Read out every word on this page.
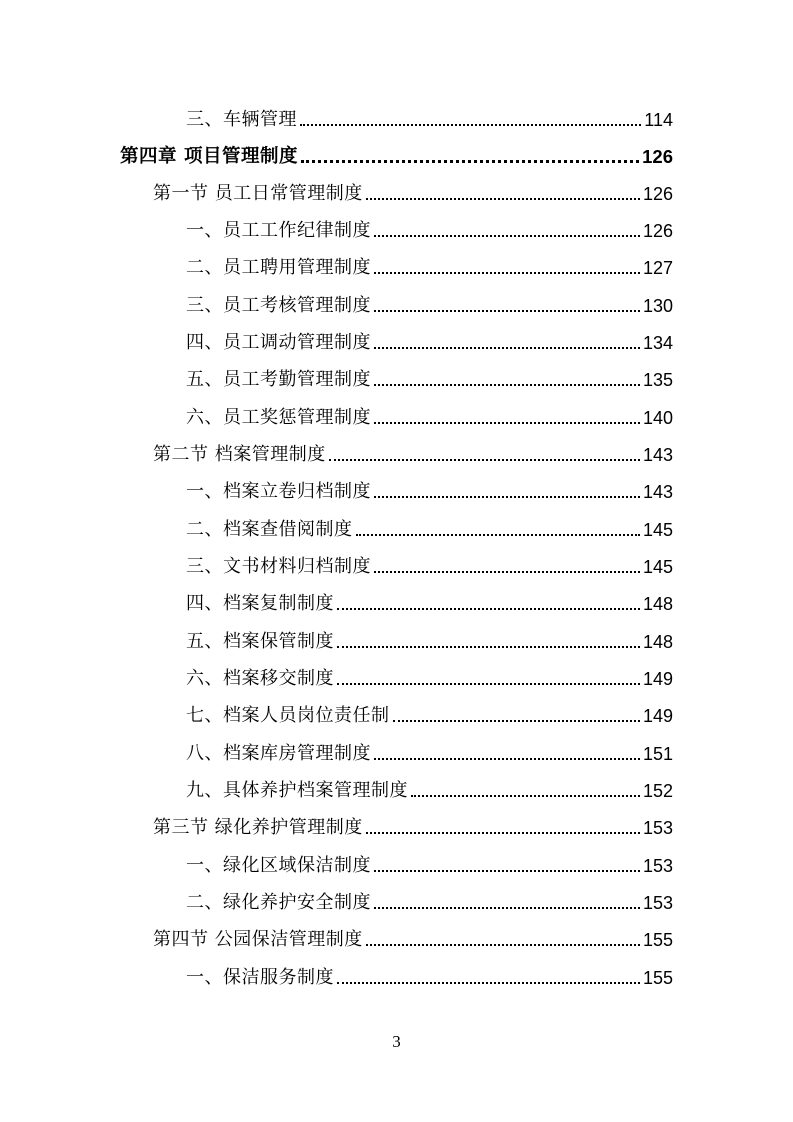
三、车辆管理	114
第四章 项目管理制度	126
第一节 员工日常管理制度	126
一、员工工作纪律制度	126
二、员工聘用管理制度	127
三、员工考核管理制度	130
四、员工调动管理制度	134
五、员工考勤管理制度	135
六、员工奖惩管理制度	140
第二节 档案管理制度	143
一、档案立卷归档制度	143
二、档案查借阅制度	145
三、文书材料归档制度	145
四、档案复制制度	148
五、档案保管制度	148
六、档案移交制度	149
七、档案人员岗位责任制	149
八、档案库房管理制度	151
九、具体养护档案管理制度	152
第三节 绿化养护管理制度	153
一、绿化区域保洁制度	153
二、绿化养护安全制度	153
第四节 公园保洁管理制度	155
一、保洁服务制度	155
3
